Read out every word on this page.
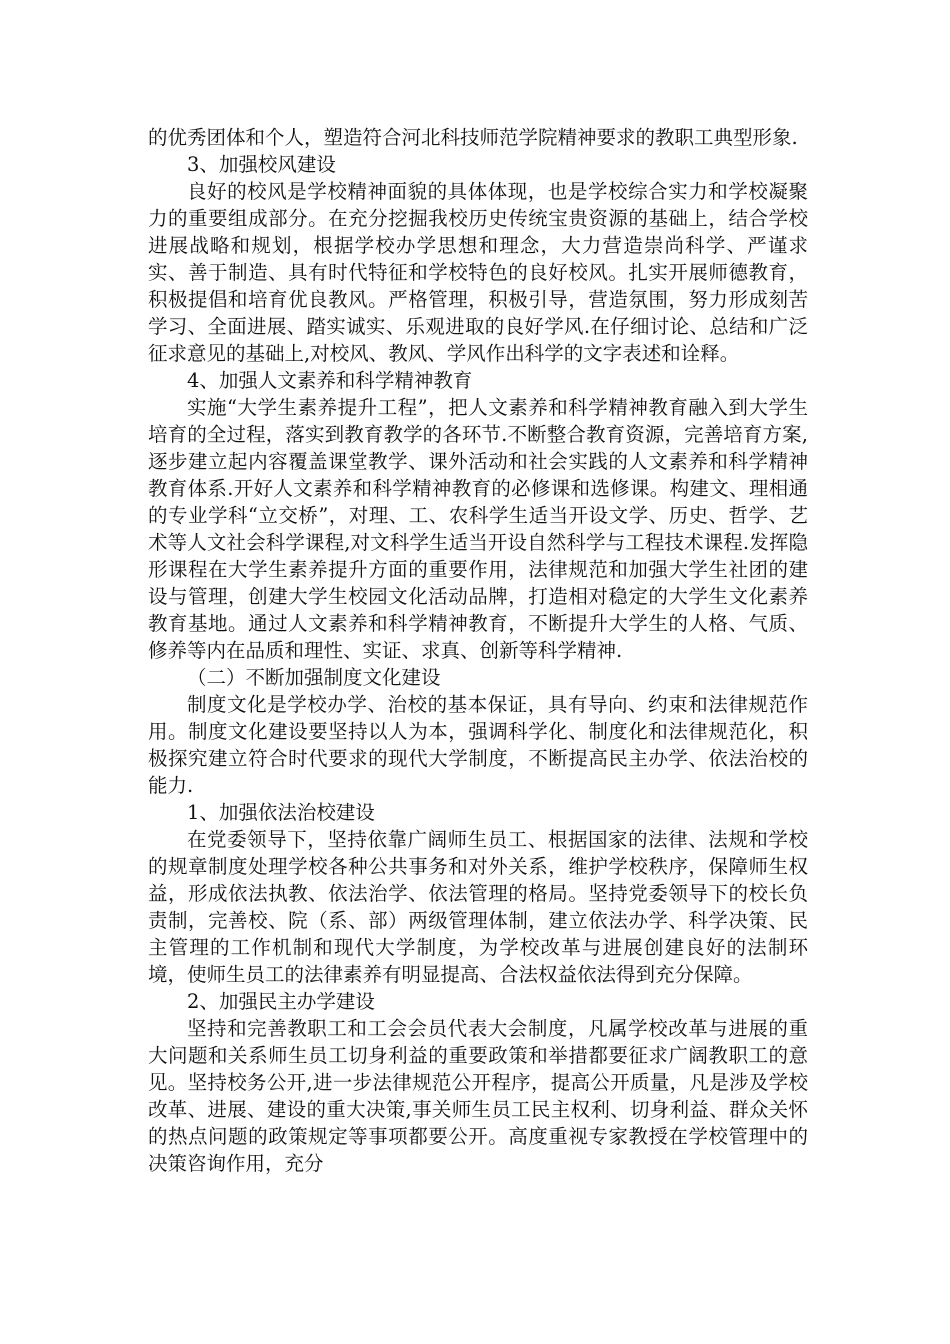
的优秀团体和个人，塑造符合河北科技师范学院精神要求的教职工典型形象.

3、加强校风建设

良好的校风是学校精神面貌的具体体现，也是学校综合实力和学校凝聚力的重要组成部分。在充分挖掘我校历史传统宝贵资源的基础上，结合学校进展战略和规划，根据学校办学思想和理念，大力营造崇尚科学、严谨求实、善于制造、具有时代特征和学校特色的良好校风。扎实开展师德教育，积极提倡和培育优良教风。严格管理，积极引导，营造氛围，努力形成刻苦学习、全面进展、踏实诚实、乐观进取的良好学风.在仔细讨论、总结和广泛征求意见的基础上,对校风、教风、学风作出科学的文字表述和诠释。

4、加强人文素养和科学精神教育

实施“大学生素养提升工程”，把人文素养和科学精神教育融入到大学生培育的全过程，落实到教育教学的各环节.不断整合教育资源，完善培育方案,逐步建立起内容覆盖课堂教学、课外活动和社会实践的人文素养和科学精神教育体系.开好人文素养和科学精神教育的必修课和选修课。构建文、理相通的专业学科“立交桥”，对理、工、农科学生适当开设文学、历史、哲学、艺术等人文社会科学课程,对文科学生适当开设自然科学与工程技术课程.发挥隐形课程在大学生素养提升方面的重要作用，法律规范和加强大学生社团的建设与管理，创建大学生校园文化活动品牌，打造相对稳定的大学生文化素养教育基地。通过人文素养和科学精神教育，不断提升大学生的人格、气质、修养等内在品质和理性、实证、求真、创新等科学精神.

（二）不断加强制度文化建设

制度文化是学校办学、治校的基本保证，具有导向、约束和法律规范作用。制度文化建设要坚持以人为本，强调科学化、制度化和法律规范化，积极探究建立符合时代要求的现代大学制度，不断提高民主办学、依法治校的能力.

1、加强依法治校建设

在党委领导下，坚持依靠广阔师生员工、根据国家的法律、法规和学校的规章制度处理学校各种公共事务和对外关系，维护学校秩序，保障师生权益，形成依法执教、依法治学、依法管理的格局。坚持党委领导下的校长负责制，完善校、院（系、部）两级管理体制，建立依法办学、科学决策、民主管理的工作机制和现代大学制度，为学校改革与进展创建良好的法制环境，使师生员工的法律素养有明显提高、合法权益依法得到充分保障。

2、加强民主办学建设

坚持和完善教职工和工会会员代表大会制度，凡属学校改革与进展的重大问题和关系师生员工切身利益的重要政策和举措都要征求广阔教职工的意见。坚持校务公开,进一步法律规范公开程序，提高公开质量，凡是涉及学校改革、进展、建设的重大决策,事关师生员工民主权利、切身利益、群众关怀的热点问题的政策规定等事项都要公开。高度重视专家教授在学校管理中的决策咨询作用，充分
